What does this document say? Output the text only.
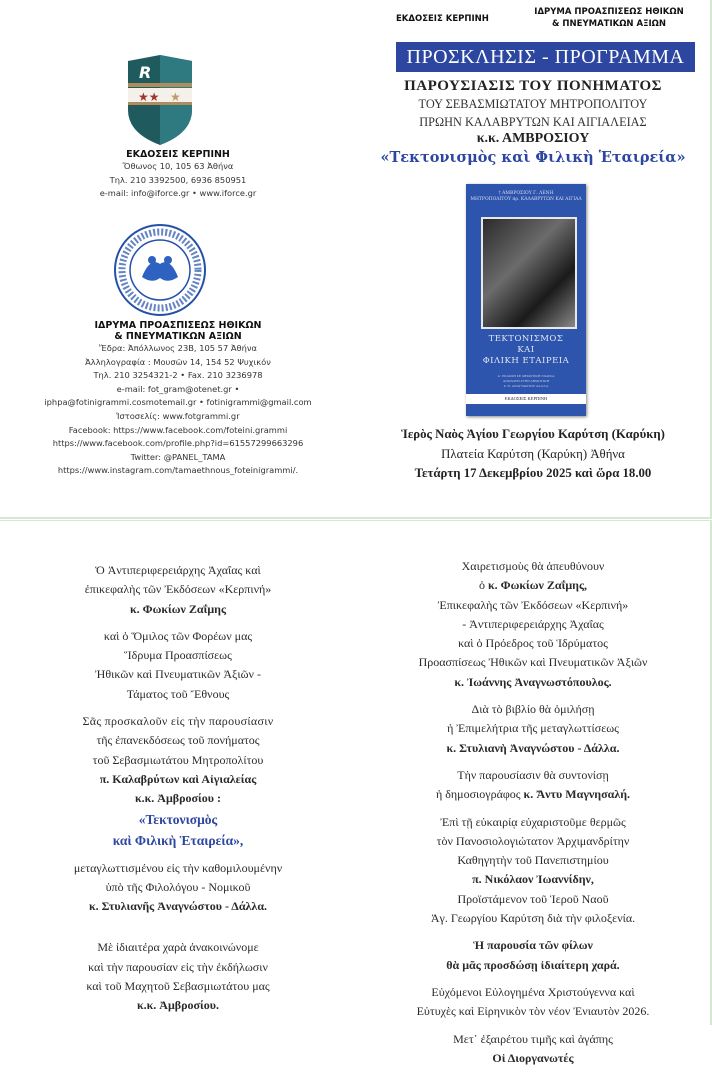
R
★★ ★
ΕΚΔΟΣΕΙΣ ΚΕΡΠΙΝΗ
Ὄθωνος 10, 105 63 Ἀθήνα
Τηλ. 210 3392500, 6936 850951
e-mail: info@iforce.gr • www.iforce.gr
ΙΔΡΥΜΑ ΠΡΟΑΣΠΙΣΕΩΣ ΗΘΙΚΩΝ
& ΠΝΕΥΜΑΤΙΚΩΝ ΑΞΙΩΝ
Ἕδρα: Ἀπόλλωνος 23Β, 105 57 Ἀθήνα
Ἀλληλογραφία : Μουσῶν 14, 154 52 Ψυχικόν
Τηλ. 210 3254321-2 • Fax. 210 3236978
e-mail: fot_gram@otenet.gr •
iphpa@fotinigrammi.cosmotemail.gr • fotinigrammi@gmail.com
Ἱστοσελίς: www.fotgrammi.gr
Facebook: https://www.facebook.com/foteini.grammi
https://www.facebook.com/profile.php?id=61557299663296
Twitter: @PANEL_TAMA
https://www.instagram.com/tamaethnous_foteinigrammi/.
ΕΚΔΟΣΕΙΣ ΚΕΡΠΙΝΗ
ΙΔΡΥΜΑ ΠΡΟΑΣΠΙΣΕΩΣ ΗΘΙΚΩΝ
& ΠΝΕΥΜΑΤΙΚΩΝ ΑΞΙΩΝ
ΠΡΟΣΚΛΗΣΙΣ - ΠΡΟΓΡΑΜΜΑ
ΠΑΡΟΥΣΙΑΣΙΣ ΤΟΥ ΠΟΝΗΜΑΤΟΣ
ΤΟΥ ΣΕΒΑΣΜΙΩΤΑΤΟΥ ΜΗΤΡΟΠΟΛΙΤΟΥ
ΠΡΩΗΝ ΚΑΛΑΒΡΥΤΩΝ ΚΑΙ ΑΙΓΙΑΛΕΙΑΣ
κ.κ. ΑΜΒΡΟΣΙΟΥ
«Τεκτονισμὸς καὶ Φιλικὴ Ἑταιρεία»
† ΑΜΒΡΟΣΙΟΥ Γ. ΛΕΝΗ
ΜΗΤΡΟΠΟΛΙΤΟΥ πρ. ΚΑΛΑΒΡΥΤΩΝ ΚΑΙ ΑΙΓΙΑΛ
ΤΕΚΤΟΝΙΣΜΟΣ
ΚΑΙ
ΦΙΛΙΚΗ ΕΤΑΙΡΕΙΑ
Α΄ ΕΚΔΟΣΗ ΣΕ ΔΗΜΟΤΙΚΗ ΓΛΩΣΣΑ
ΑΠΟΔΟΣΗ ΣΤΗΝ ΔΗΜΟΤΙΚΗ
Σ. Ν. ΑΝΑΓΝΩΣΤΟΥ ΔΑΛΛΑ
ΕΚΔΟΣΕΙΣ ΚΕΡΠΙΝΗ
Ἱερὸς Ναὸς Ἁγίου Γεωργίου Καρύτση (Καρύκη)
Πλατεία Καρύτση (Καρύκη) Ἀθήνα
Τετάρτη 17 Δεκεμβρίου 2025 καὶ ὥρα 18.00

Ὁ Ἀντιπεριφερειάρχης Ἀχαΐας καὶ
ἐπικεφαλὴς τῶν Ἐκδόσεων «Κερπινή»
κ. Φωκίων Ζαΐμης

καὶ ὁ Ὅμιλος τῶν Φορέων μας
Ἵδρυμα Προασπίσεως
Ἠθικῶν καὶ Πνευματικῶν Ἀξιῶν -
Τάματος τοῦ Ἔθνους

Σᾶς προσκαλοῦν εἰς τὴν παρουσίασιν
τῆς ἐπανεκδόσεως τοῦ πονήματος
τοῦ Σεβασμιωτάτου Μητροπολίτου
π. Καλαβρύτων καὶ Αἰγιαλείας
κ.κ. Ἀμβροσίου :

«Τεκτονισμὸς
καὶ Φιλικὴ Ἑταιρεία»,

μεταγλωττισμένου εἰς τὴν καθομιλουμένην
ὑπὸ τῆς Φιλολόγου - Νομικοῦ
κ. Στυλιανῆς Ἀναγνώστου - Δάλλα.

Μὲ ἰδιαιτέρα χαρὰ ἀνακοινώνομε
καὶ τὴν παρουσίαν εἰς τὴν ἐκδήλωσιν
καὶ τοῦ Μαχητοῦ Σεβασμιωτάτου μας
κ.κ. Ἀμβροσίου.

Χαιρετισμοὺς θὰ ἀπευθύνουν
ὁ κ. Φωκίων Ζαΐμης,
Ἐπικεφαλὴς τῶν Ἐκδόσεων «Κερπινή»
- Ἀντιπεριφερειάρχης Ἀχαΐας
καὶ ὁ Πρόεδρος τοῦ Ἱδρύματος
Προασπίσεως Ἠθικῶν καὶ Πνευματικῶν Ἀξιῶν
κ. Ἰωάννης Ἀναγνωστόπουλος.

Διὰ τὸ βιβλίο θὰ ὁμιλήσῃ
ἡ Ἐπιμελήτρια τῆς μεταγλωττίσεως
κ. Στυλιανὴ Ἀναγνώστου - Δάλλα.

Τὴν παρουσίασιν θὰ συντονίσῃ
ἡ δημοσιογράφος κ. Ἄντυ Μαγνησαλή.

Ἐπὶ τῇ εὐκαιρίᾳ εὐχαριστοῦμε θερμῶς
τὸν Πανοσιολογιώτατον Ἀρχιμανδρίτην
Καθηγητὴν τοῦ Πανεπιστημίου
π. Νικόλαον Ἰωαννίδην,
Προϊστάμενον τοῦ Ἱεροῦ Ναοῦ
Ἁγ. Γεωργίου Καρύτση διὰ τὴν φιλοξενία.

Ἡ παρουσία τῶν φίλων
θὰ μᾶς προσδώσῃ ἰδιαίτερη χαρά.

Εὐχόμενοι Εὐλογημένα Χριστούγεννα καὶ
Εὐτυχὲς καὶ Εἰρηνικὸν τὸν νέον Ἐνιαυτὸν 2026.

Μετ᾽ ἐξαιρέτου τιμῆς καὶ ἀγάπης
Οἱ Διοργανωτές
